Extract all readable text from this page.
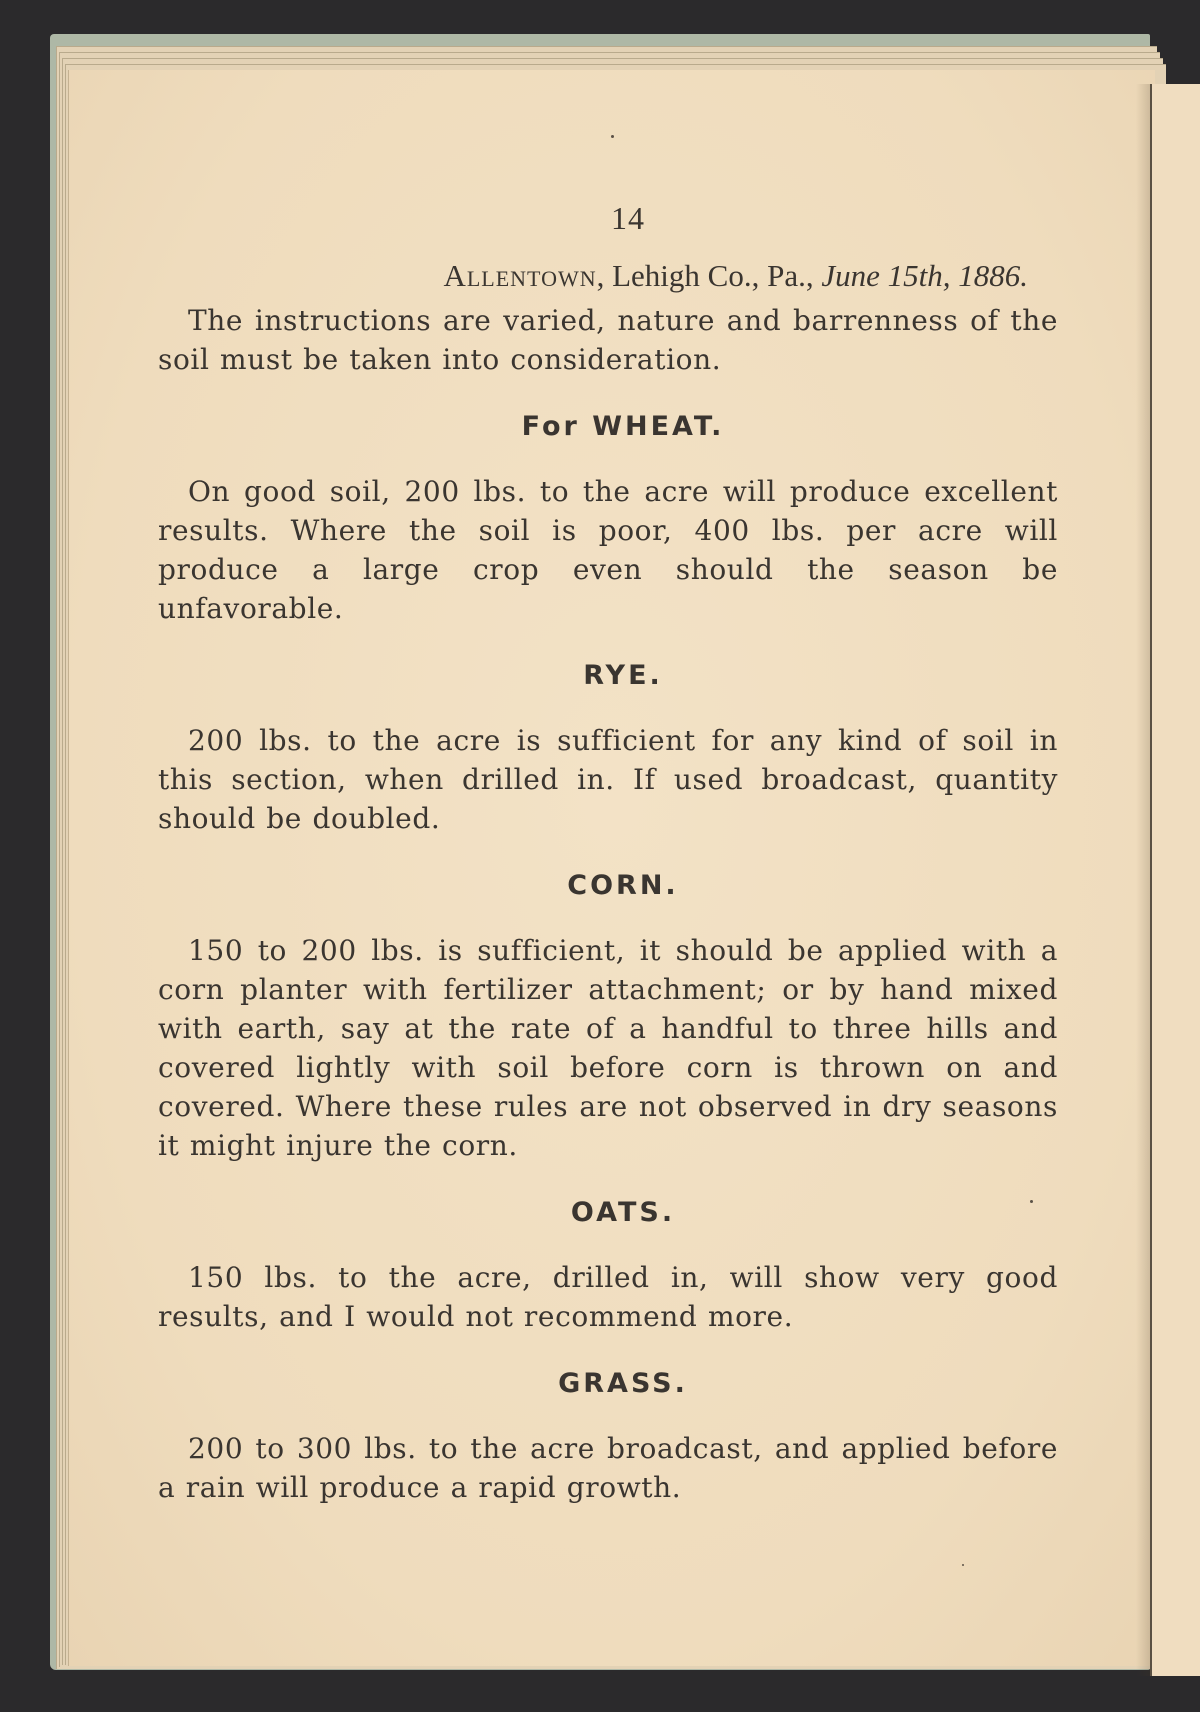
14
Allentown, Lehigh Co., Pa., June 15th, 1886.

The instructions are varied, nature and barrenness of the soil must be taken into consideration.

For WHEAT.

On good soil, 200 lbs. to the acre will produce excellent results. Where the soil is poor, 400 lbs. per acre will produce a large crop even should the season be unfavorable.

RYE.

200 lbs. to the acre is sufficient for any kind of soil in this section, when drilled in. If used broadcast, quantity should be doubled.

CORN.

150 to 200 lbs. is sufficient, it should be applied with a corn planter with fertilizer attachment; or by hand mixed with earth, say at the rate of a handful to three hills and covered lightly with soil before corn is thrown on and covered. Where these rules are not observed in dry seasons it might injure the corn.

OATS.

150 lbs. to the acre, drilled in, will show very good results, and I would not recommend more.

GRASS.

200 to 300 lbs. to the acre broadcast, and applied before a rain will produce a rapid growth.
